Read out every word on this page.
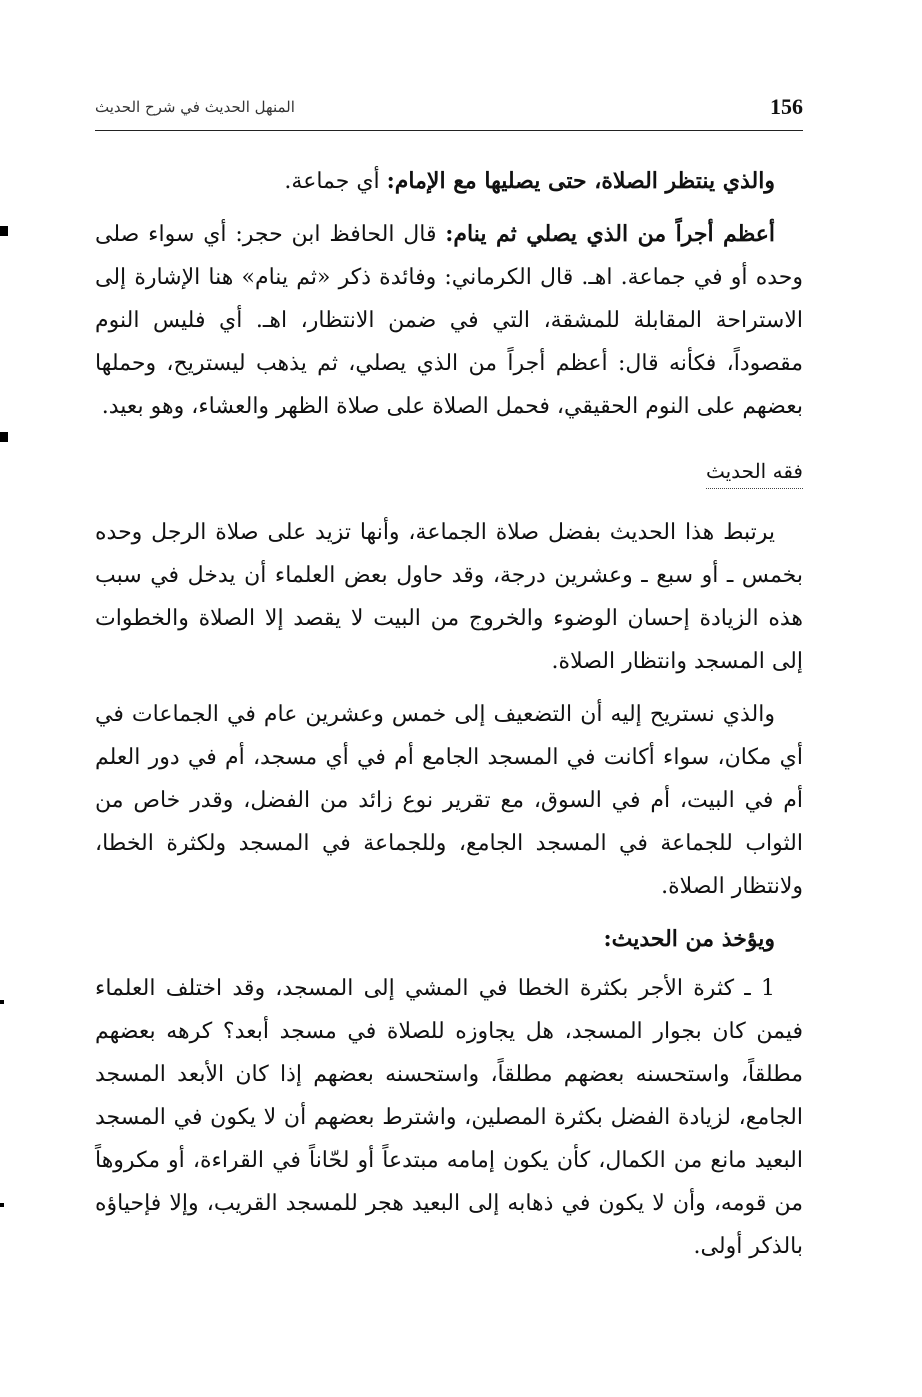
156
المنهل الحديث في شرح الحديث

والذي ينتظر الصلاة، حتى يصليها مع الإمام: أي جماعة.

أعظم أجراً من الذي يصلي ثم ينام: قال الحافظ ابن حجر: أي سواء صلى وحده أو في جماعة. اهـ. قال الكرماني: وفائدة ذكر «ثم ينام» هنا الإشارة إلى الاستراحة المقابلة للمشقة، التي في ضمن الانتظار، اهـ. أي فليس النوم مقصوداً، فكأنه قال: أعظم أجراً من الذي يصلي، ثم يذهب ليستريح، وحملها بعضهم على النوم الحقيقي، فحمل الصلاة على صلاة الظهر والعشاء، وهو بعيد.

فقه الحديث

يرتبط هذا الحديث بفضل صلاة الجماعة، وأنها تزيد على صلاة الرجل وحده بخمس ـ أو سبع ـ وعشرين درجة، وقد حاول بعض العلماء أن يدخل في سبب هذه الزيادة إحسان الوضوء والخروج من البيت لا يقصد إلا الصلاة والخطوات إلى المسجد وانتظار الصلاة.

والذي نستريح إليه أن التضعيف إلى خمس وعشرين عام في الجماعات في أي مكان، سواء أكانت في المسجد الجامع أم في أي مسجد، أم في دور العلم أم في البيت، أم في السوق، مع تقرير نوع زائد من الفضل، وقدر خاص من الثواب للجماعة في المسجد الجامع، وللجماعة في المسجد ولكثرة الخطا، ولانتظار الصلاة.

ويؤخذ من الحديث:

1 ـ كثرة الأجر بكثرة الخطا في المشي إلى المسجد، وقد اختلف العلماء فيمن كان بجوار المسجد، هل يجاوزه للصلاة في مسجد أبعد؟ كرهه بعضهم مطلقاً، واستحسنه بعضهم مطلقاً، واستحسنه بعضهم إذا كان الأبعد المسجد الجامع، لزيادة الفضل بكثرة المصلين، واشترط بعضهم أن لا يكون في المسجد البعيد مانع من الكمال، كأن يكون إمامه مبتدعاً أو لحّاناً في القراءة، أو مكروهاً من قومه، وأن لا يكون في ذهابه إلى البعيد هجر للمسجد القريب، وإلا فإحياؤه بالذكر أولى.
